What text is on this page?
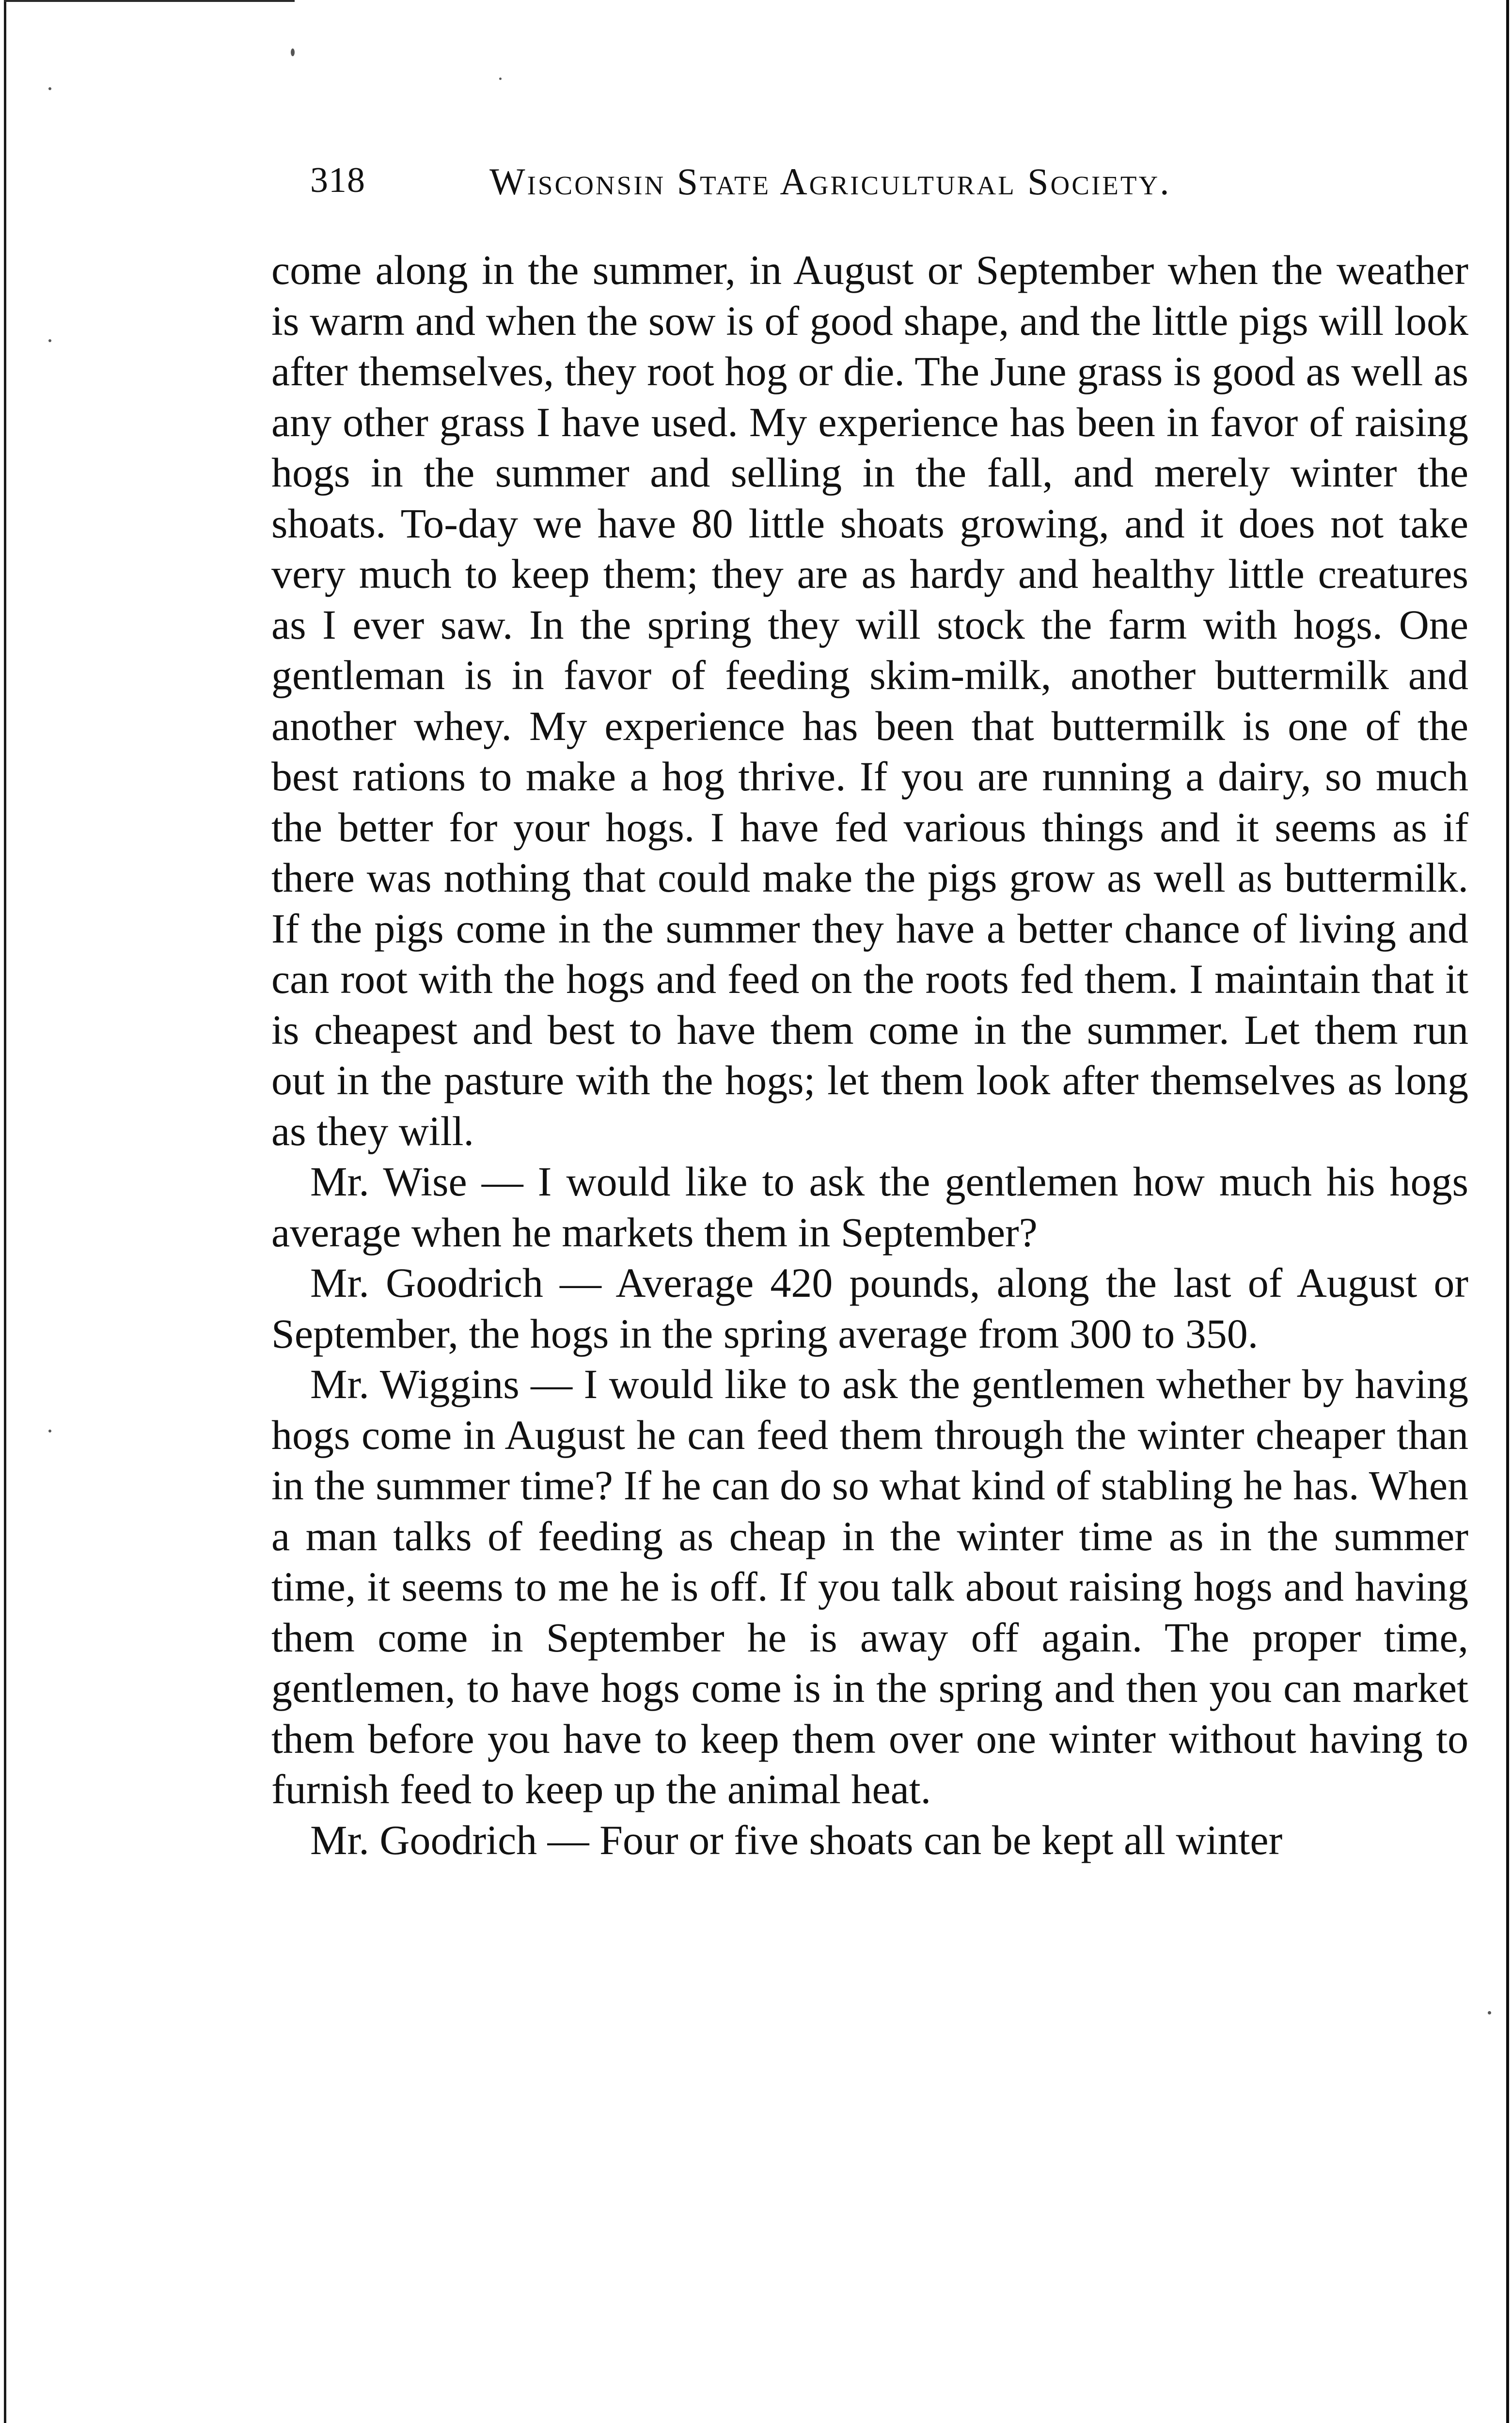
318	Wisconsin State Agricultural Society.

come along in the summer, in August or September when the weather is warm and when the sow is of good shape, and the little pigs will look after themselves, they root hog or die. The June grass is good as well as any other grass I have used. My experience has been in favor of raising hogs in the summer and selling in the fall, and merely winter the shoats. To-day we have 80 little shoats growing, and it does not take very much to keep them; they are as hardy and healthy little creatures as I ever saw. In the spring they will stock the farm with hogs. One gentleman is in favor of feeding skim-milk, another buttermilk and another whey. My experience has been that buttermilk is one of the best rations to make a hog thrive. If you are running a dairy, so much the better for your hogs. I have fed various things and it seems as if there was nothing that could make the pigs grow as well as buttermilk. If the pigs come in the summer they have a better chance of living and can root with the hogs and feed on the roots fed them. I maintain that it is cheapest and best to have them come in the summer. Let them run out in the pasture with the hogs; let them look after themselves as long as they will.

Mr. Wise — I would like to ask the gentlemen how much his hogs average when he markets them in September?

Mr. Goodrich — Average 420 pounds, along the last of August or September, the hogs in the spring average from 300 to 350.

Mr. Wiggins — I would like to ask the gentlemen whether by having hogs come in August he can feed them through the winter cheaper than in the summer time? If he can do so what kind of stabling he has. When a man talks of feeding as cheap in the winter time as in the summer time, it seems to me he is off. If you talk about raising hogs and having them come in September he is away off again. The proper time, gentlemen, to have hogs come is in the spring and then you can market them before you have to keep them over one winter without having to furnish feed to keep up the animal heat.

Mr. Goodrich — Four or five shoats can be kept all winter
